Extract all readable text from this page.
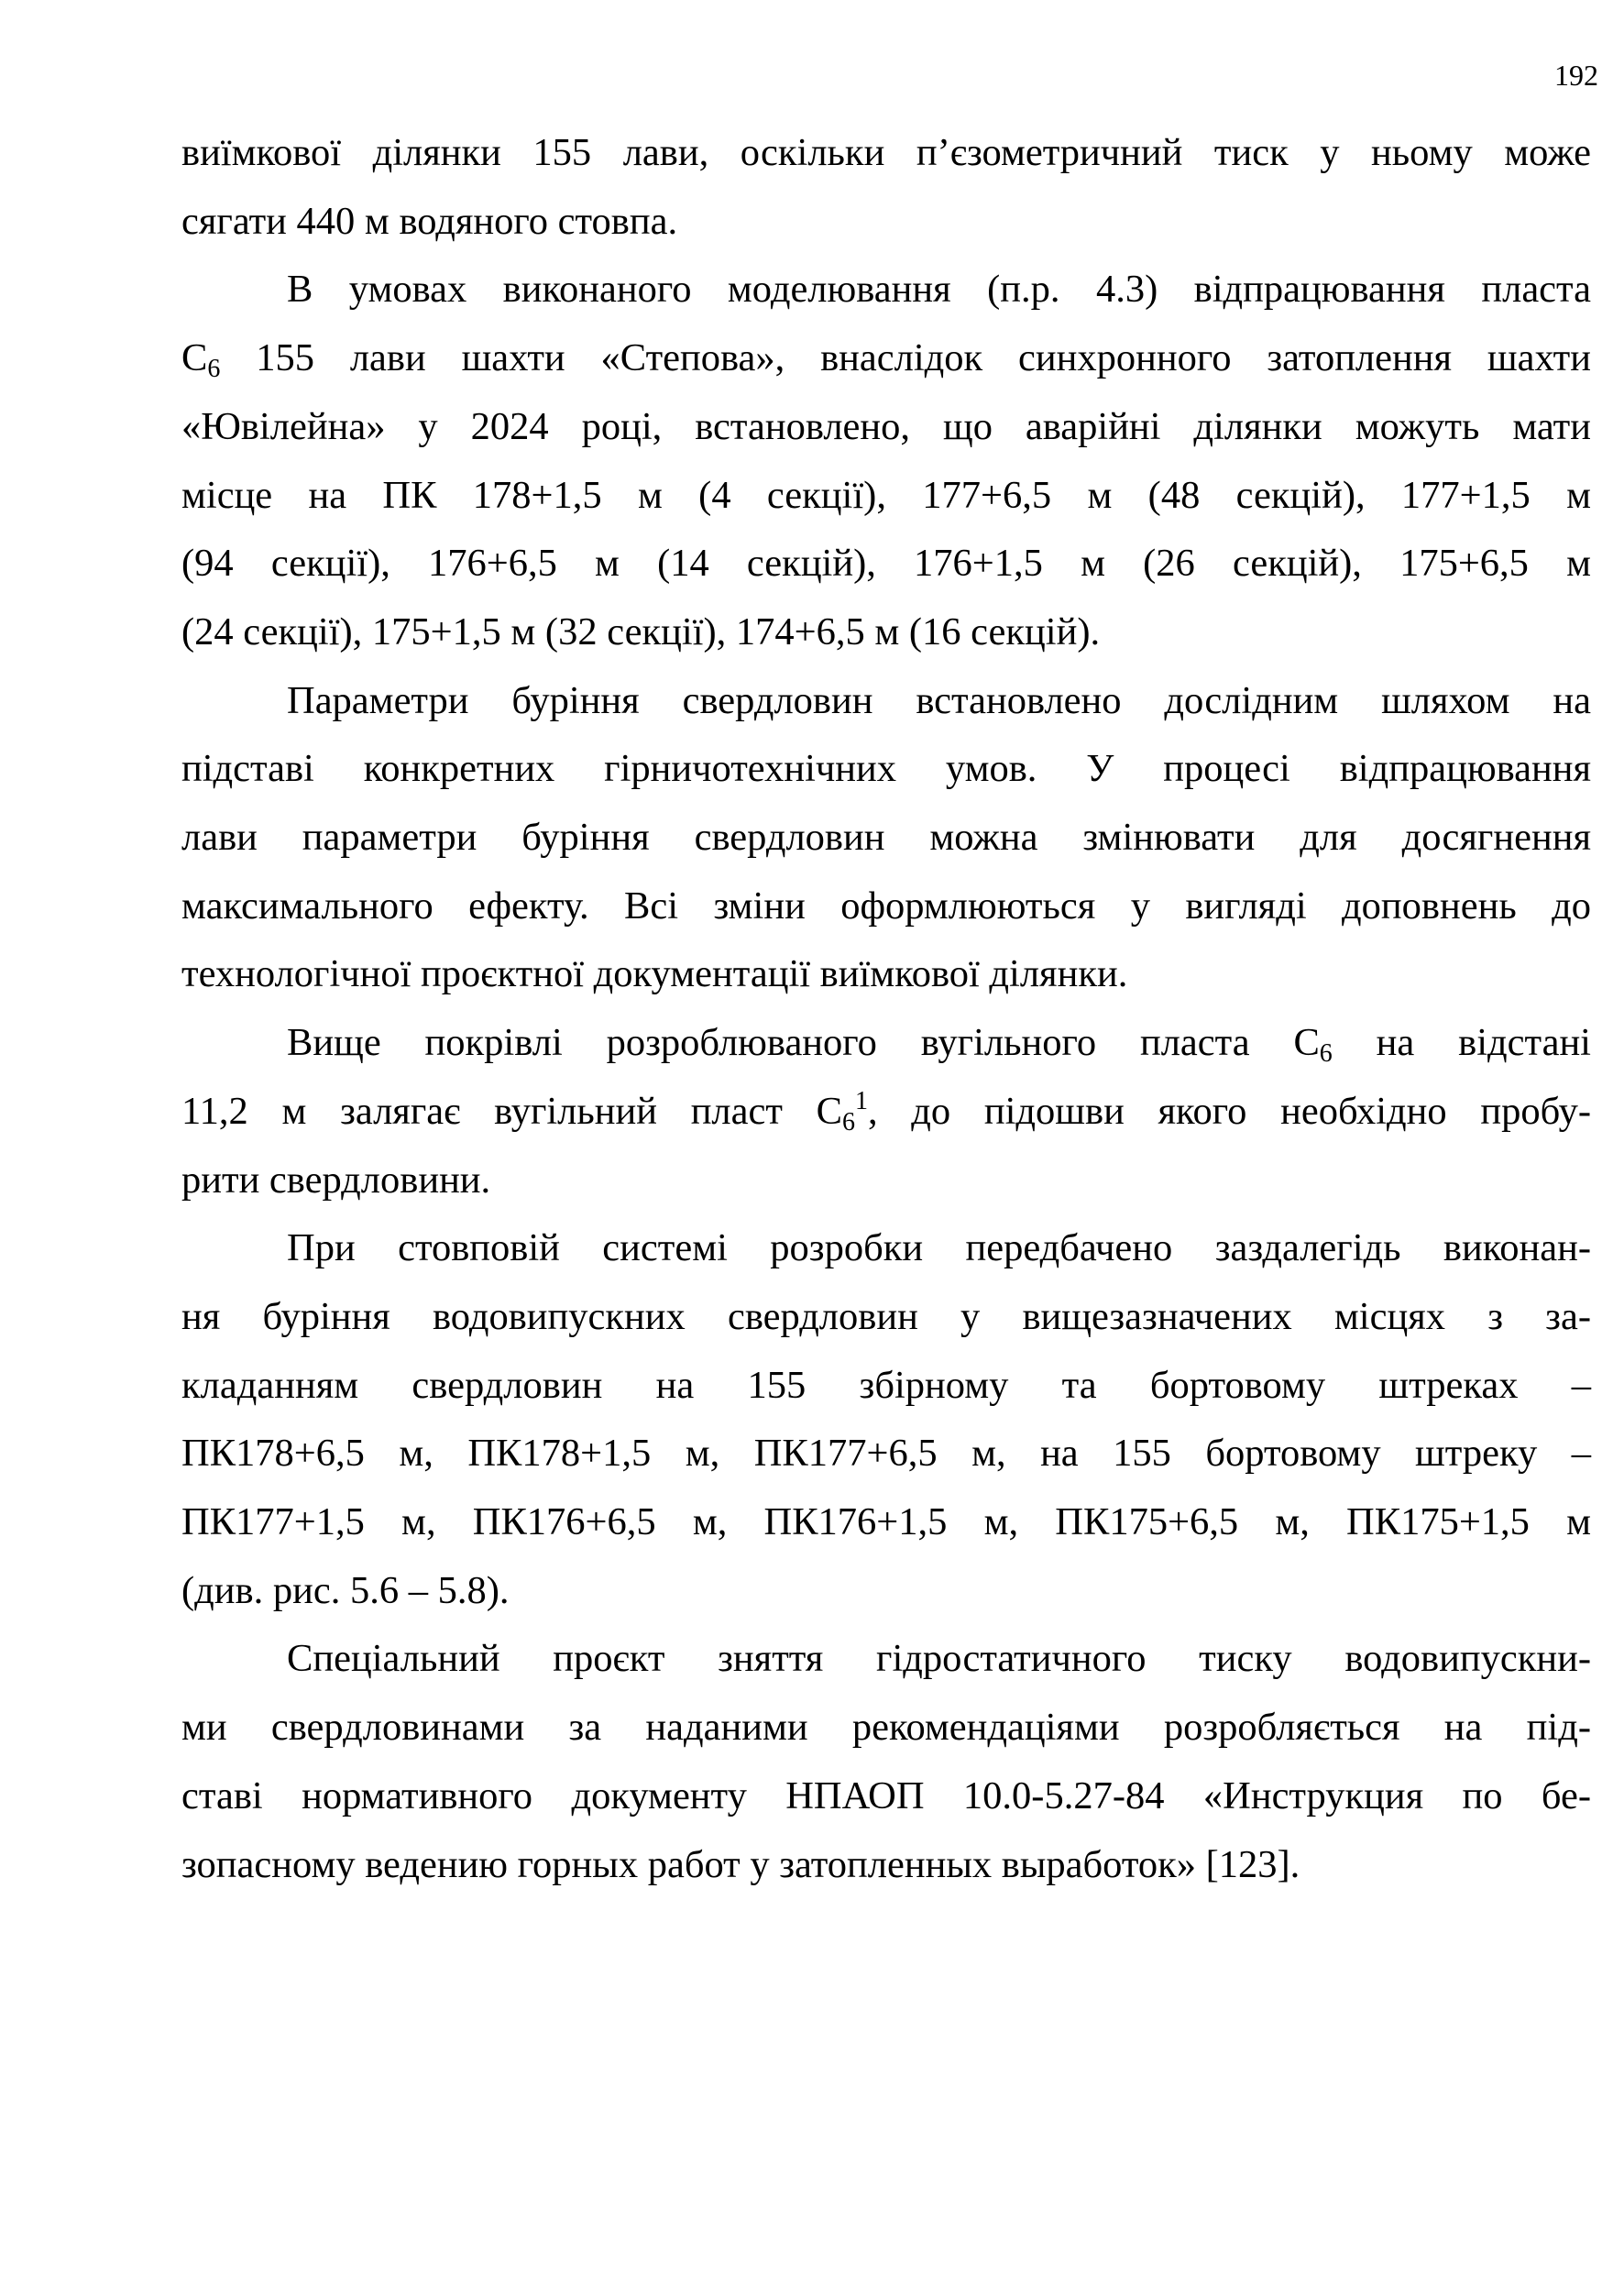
192
виїмкової ділянки 155 лави, оскільки п’єзометричний тиск у ньому може
сягати 440 м водяного стовпа.
В умовах виконаного моделювання (п.р. 4.3) відпрацювання пласта
$С_6$ 155 лави шахти «Степова», внаслідок синхронного затоплення шахти
«Ювілейна» у 2024 році, встановлено, що аварійні ділянки можуть мати
місце на ПК 178+1,5 м (4 секції), 177+6,5 м (48 секцій), 177+1,5 м
(94 секції), 176+6,5 м (14 секцій), 176+1,5 м (26 секцій), 175+6,5 м
(24 секції), 175+1,5 м (32 секції), 174+6,5 м (16 секцій).
Параметри буріння свердловин встановлено дослідним шляхом на
підставі конкретних гірничотехнічних умов. У процесі відпрацювання
лави параметри буріння свердловин можна змінювати для досягнення
максимального ефекту. Всі зміни оформлюються у вигляді доповнень до
технологічної проєктної документації виїмкової ділянки.
Вище покрівлі розроблюваного вугільного пласта $С_6$ на відстані
11,2 м залягає вугільний пласт $С_6^1$, до підошви якого необхідно пробу-
рити свердловини.
При стовповій системі розробки передбачено заздалегідь виконан-
ня буріння водовипускних свердловин у вищезазначених місцях з за-
кладанням свердловин на 155 збірному та бортовому штреках –
ПК178+6,5 м, ПК178+1,5 м, ПК177+6,5 м, на 155 бортовому штреку –
ПК177+1,5 м, ПК176+6,5 м, ПК176+1,5 м, ПК175+6,5 м, ПК175+1,5 м
(див. рис. 5.6 – 5.8).
Спеціальний проєкт зняття гідростатичного тиску водовипускни-
ми свердловинами за наданими рекомендаціями розробляється на під-
ставі нормативного документу НПАОП 10.0-5.27-84 «Инструкция по бе-
зопасному ведению горных работ у затопленных выработок» [123].
